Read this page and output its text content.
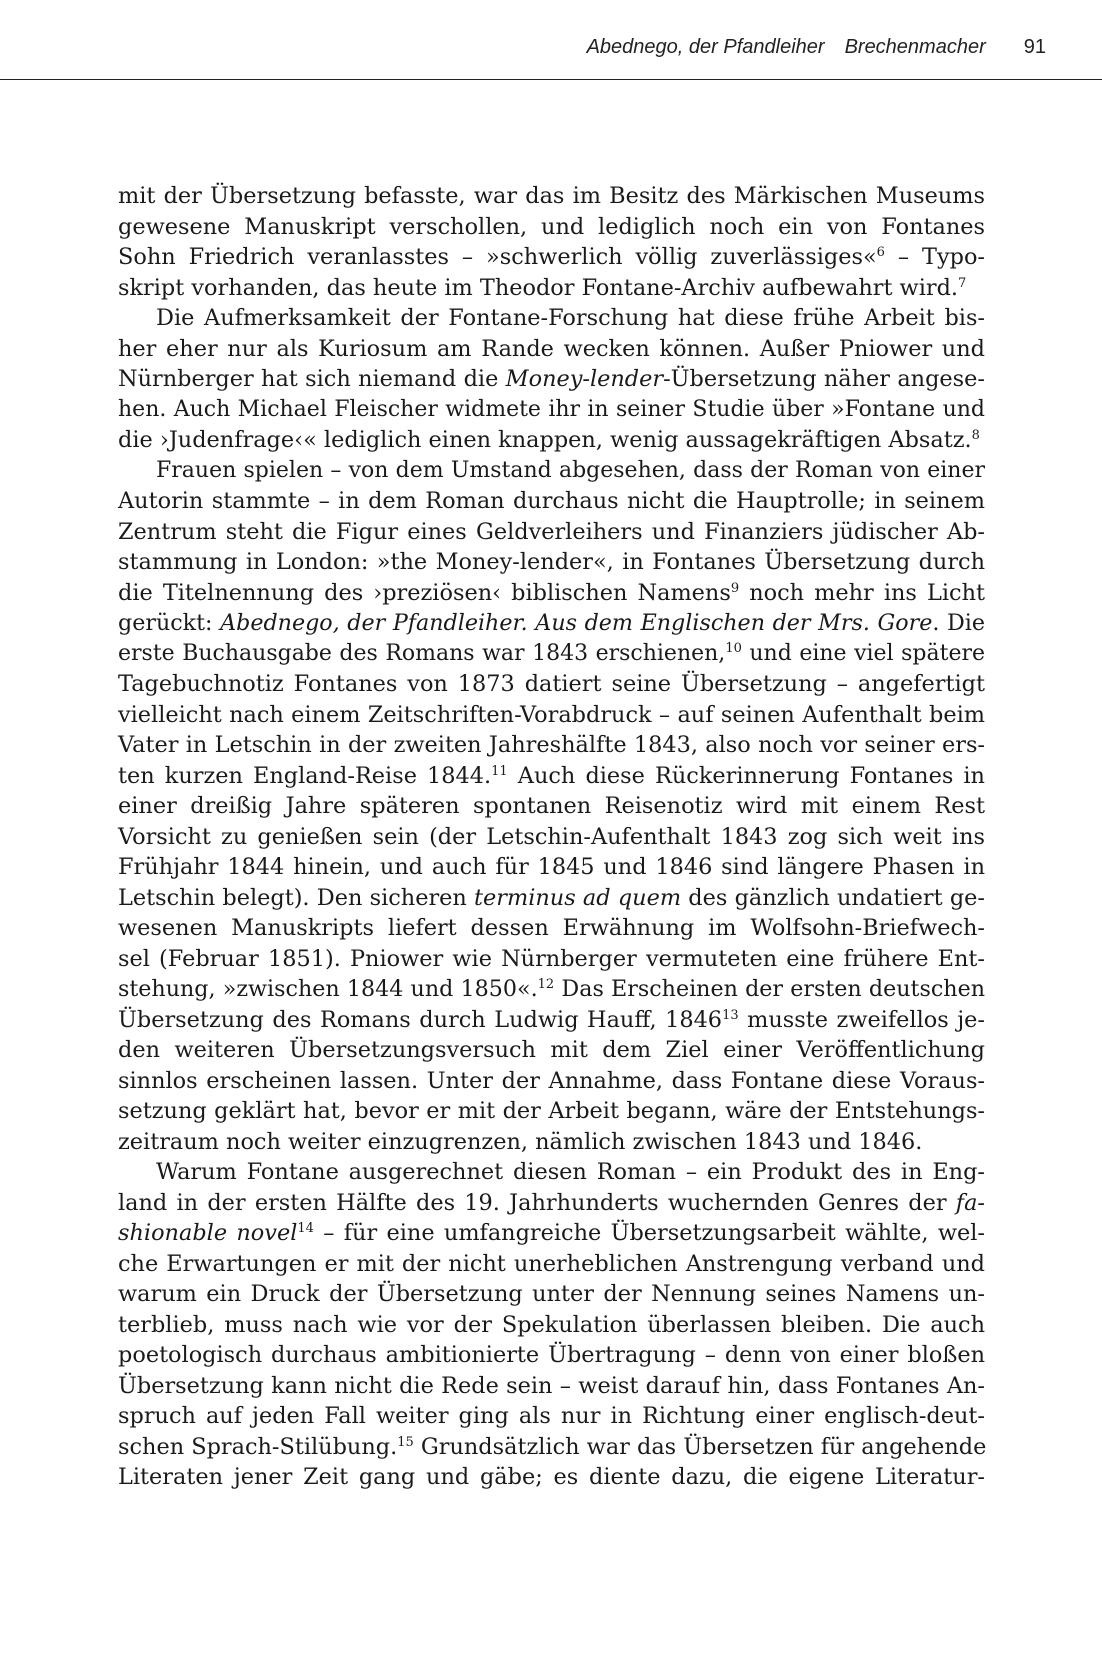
Abednego, der Pfandleiher Brechenmacher 91
mit der Übersetzung befasste, war das im Besitz des Märkischen Museums
gewesene Manuskript verschollen, und lediglich noch ein von Fontanes
Sohn Friedrich veranlasstes – »schwerlich völlig zuverlässiges«$^6$ – Typo-
skript vorhanden, das heute im Theodor Fontane-Archiv aufbewahrt wird.$^7$
Die Aufmerksamkeit der Fontane-Forschung hat diese frühe Arbeit bis-
her eher nur als Kuriosum am Rande wecken können. Außer Pniower und
Nürnberger hat sich niemand die Money-lender-Übersetzung näher angese-
hen. Auch Michael Fleischer widmete ihr in seiner Studie über »Fontane und
die ›Judenfrage‹« lediglich einen knappen, wenig aussagekräftigen Absatz.$^8$
Frauen spielen – von dem Umstand abgesehen, dass der Roman von einer
Autorin stammte – in dem Roman durchaus nicht die Hauptrolle; in seinem
Zentrum steht die Figur eines Geldverleihers und Finanziers jüdischer Ab-
stammung in London: »the Money-lender«, in Fontanes Übersetzung durch
die Titelnennung des ›preziösen‹ biblischen Namens$^9$ noch mehr ins Licht
gerückt: Abednego, der Pfandleiher. Aus dem Englischen der Mrs. Gore. Die
erste Buchausgabe des Romans war 1843 erschienen,$^{10}$ und eine viel spätere
Tagebuchnotiz Fontanes von 1873 datiert seine Übersetzung – angefertigt
vielleicht nach einem Zeitschriften-Vorabdruck – auf seinen Aufenthalt beim
Vater in Letschin in der zweiten Jahreshälfte 1843, also noch vor seiner ers-
ten kurzen England-Reise 1844.11 Auch diese Rückerinnerung Fontanes in
einer dreißig Jahre späteren spontanen Reisenotiz wird mit einem Rest
Vorsicht zu genießen sein (der Letschin-Aufenthalt 1843 zog sich weit ins
Frühjahr 1844 hinein, und auch für 1845 und 1846 sind längere Phasen in
Letschin belegt). Den sicheren terminus ad quem des gänzlich undatiert ge-
wesenen Manuskripts liefert dessen Erwähnung im Wolfsohn-Briefwech-
sel (Februar 1851). Pniower wie Nürnberger vermuteten eine frühere Ent-
stehung, »zwischen 1844 und 1850«.$^{12}$ Das Erscheinen der ersten deutschen
Übersetzung des Romans durch Ludwig Hauff, 1846$^{13}$ musste zweifellos je-
den weiteren Übersetzungsversuch mit dem Ziel einer Veröffentlichung
sinnlos erscheinen lassen. Unter der Annahme, dass Fontane diese Voraus-
setzung geklärt hat, bevor er mit der Arbeit begann, wäre der Entstehungs-
zeitraum noch weiter einzugrenzen, nämlich zwischen 1843 und 1846.
Warum Fontane ausgerechnet diesen Roman – ein Produkt des in Eng-
land in der ersten Hälfte des 19. Jahrhunderts wuchernden Genres der fa-
shionable novel$^{14}$ – für eine umfangreiche Übersetzungsarbeit wählte, wel-
che Erwartungen er mit der nicht unerheblichen Anstrengung verband und
warum ein Druck der Übersetzung unter der Nennung seines Namens un-
terblieb, muss nach wie vor der Spekulation überlassen bleiben. Die auch
poetologisch durchaus ambitionierte Übertragung – denn von einer bloßen
Übersetzung kann nicht die Rede sein – weist darauf hin, dass Fontanes An-
spruch auf jeden Fall weiter ging als nur in Richtung einer englisch-deut-
schen Sprach-Stilübung.$^{15}$ Grundsätzlich war das Übersetzen für angehende
Literaten jener Zeit gang und gäbe; es diente dazu, die eigene Literatur-
